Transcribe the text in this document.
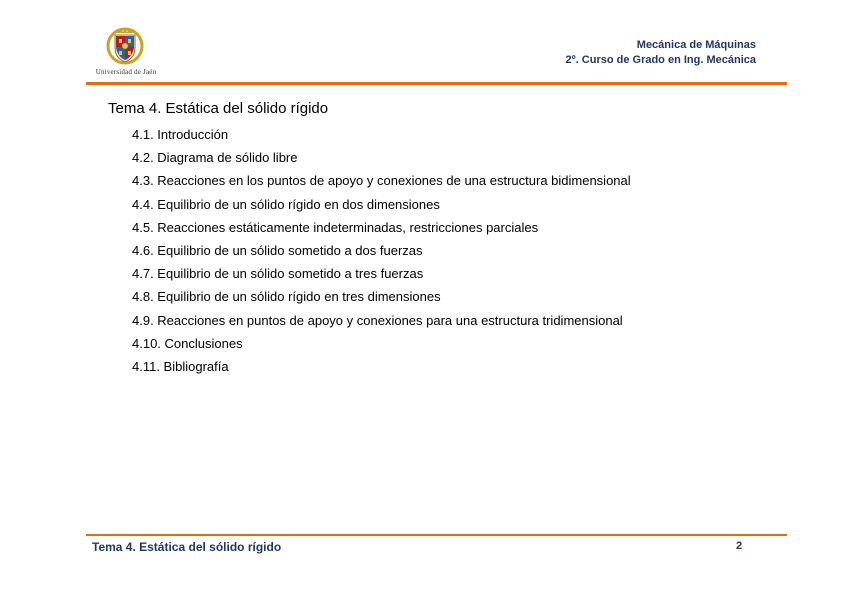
Universidad de Jaén
Mecánica de Máquinas
2º. Curso de Grado en Ing. Mecánica
Tema 4. Estática del sólido rígido
4.1. Introducción
4.2. Diagrama de sólido libre
4.3. Reacciones en los puntos de apoyo y conexiones de una estructura bidimensional
4.4. Equilibrio de un sólido rígido en dos dimensiones
4.5. Reacciones estáticamente indeterminadas, restricciones parciales
4.6. Equilibrio de un sólido sometido a dos fuerzas
4.7. Equilibrio de un sólido sometido a tres fuerzas
4.8. Equilibrio de un sólido rígido en tres dimensiones
4.9. Reacciones en puntos de apoyo y conexiones para una estructura tridimensional
4.10. Conclusiones
4.11. Bibliografía
Tema 4. Estática del sólido rígido	2
